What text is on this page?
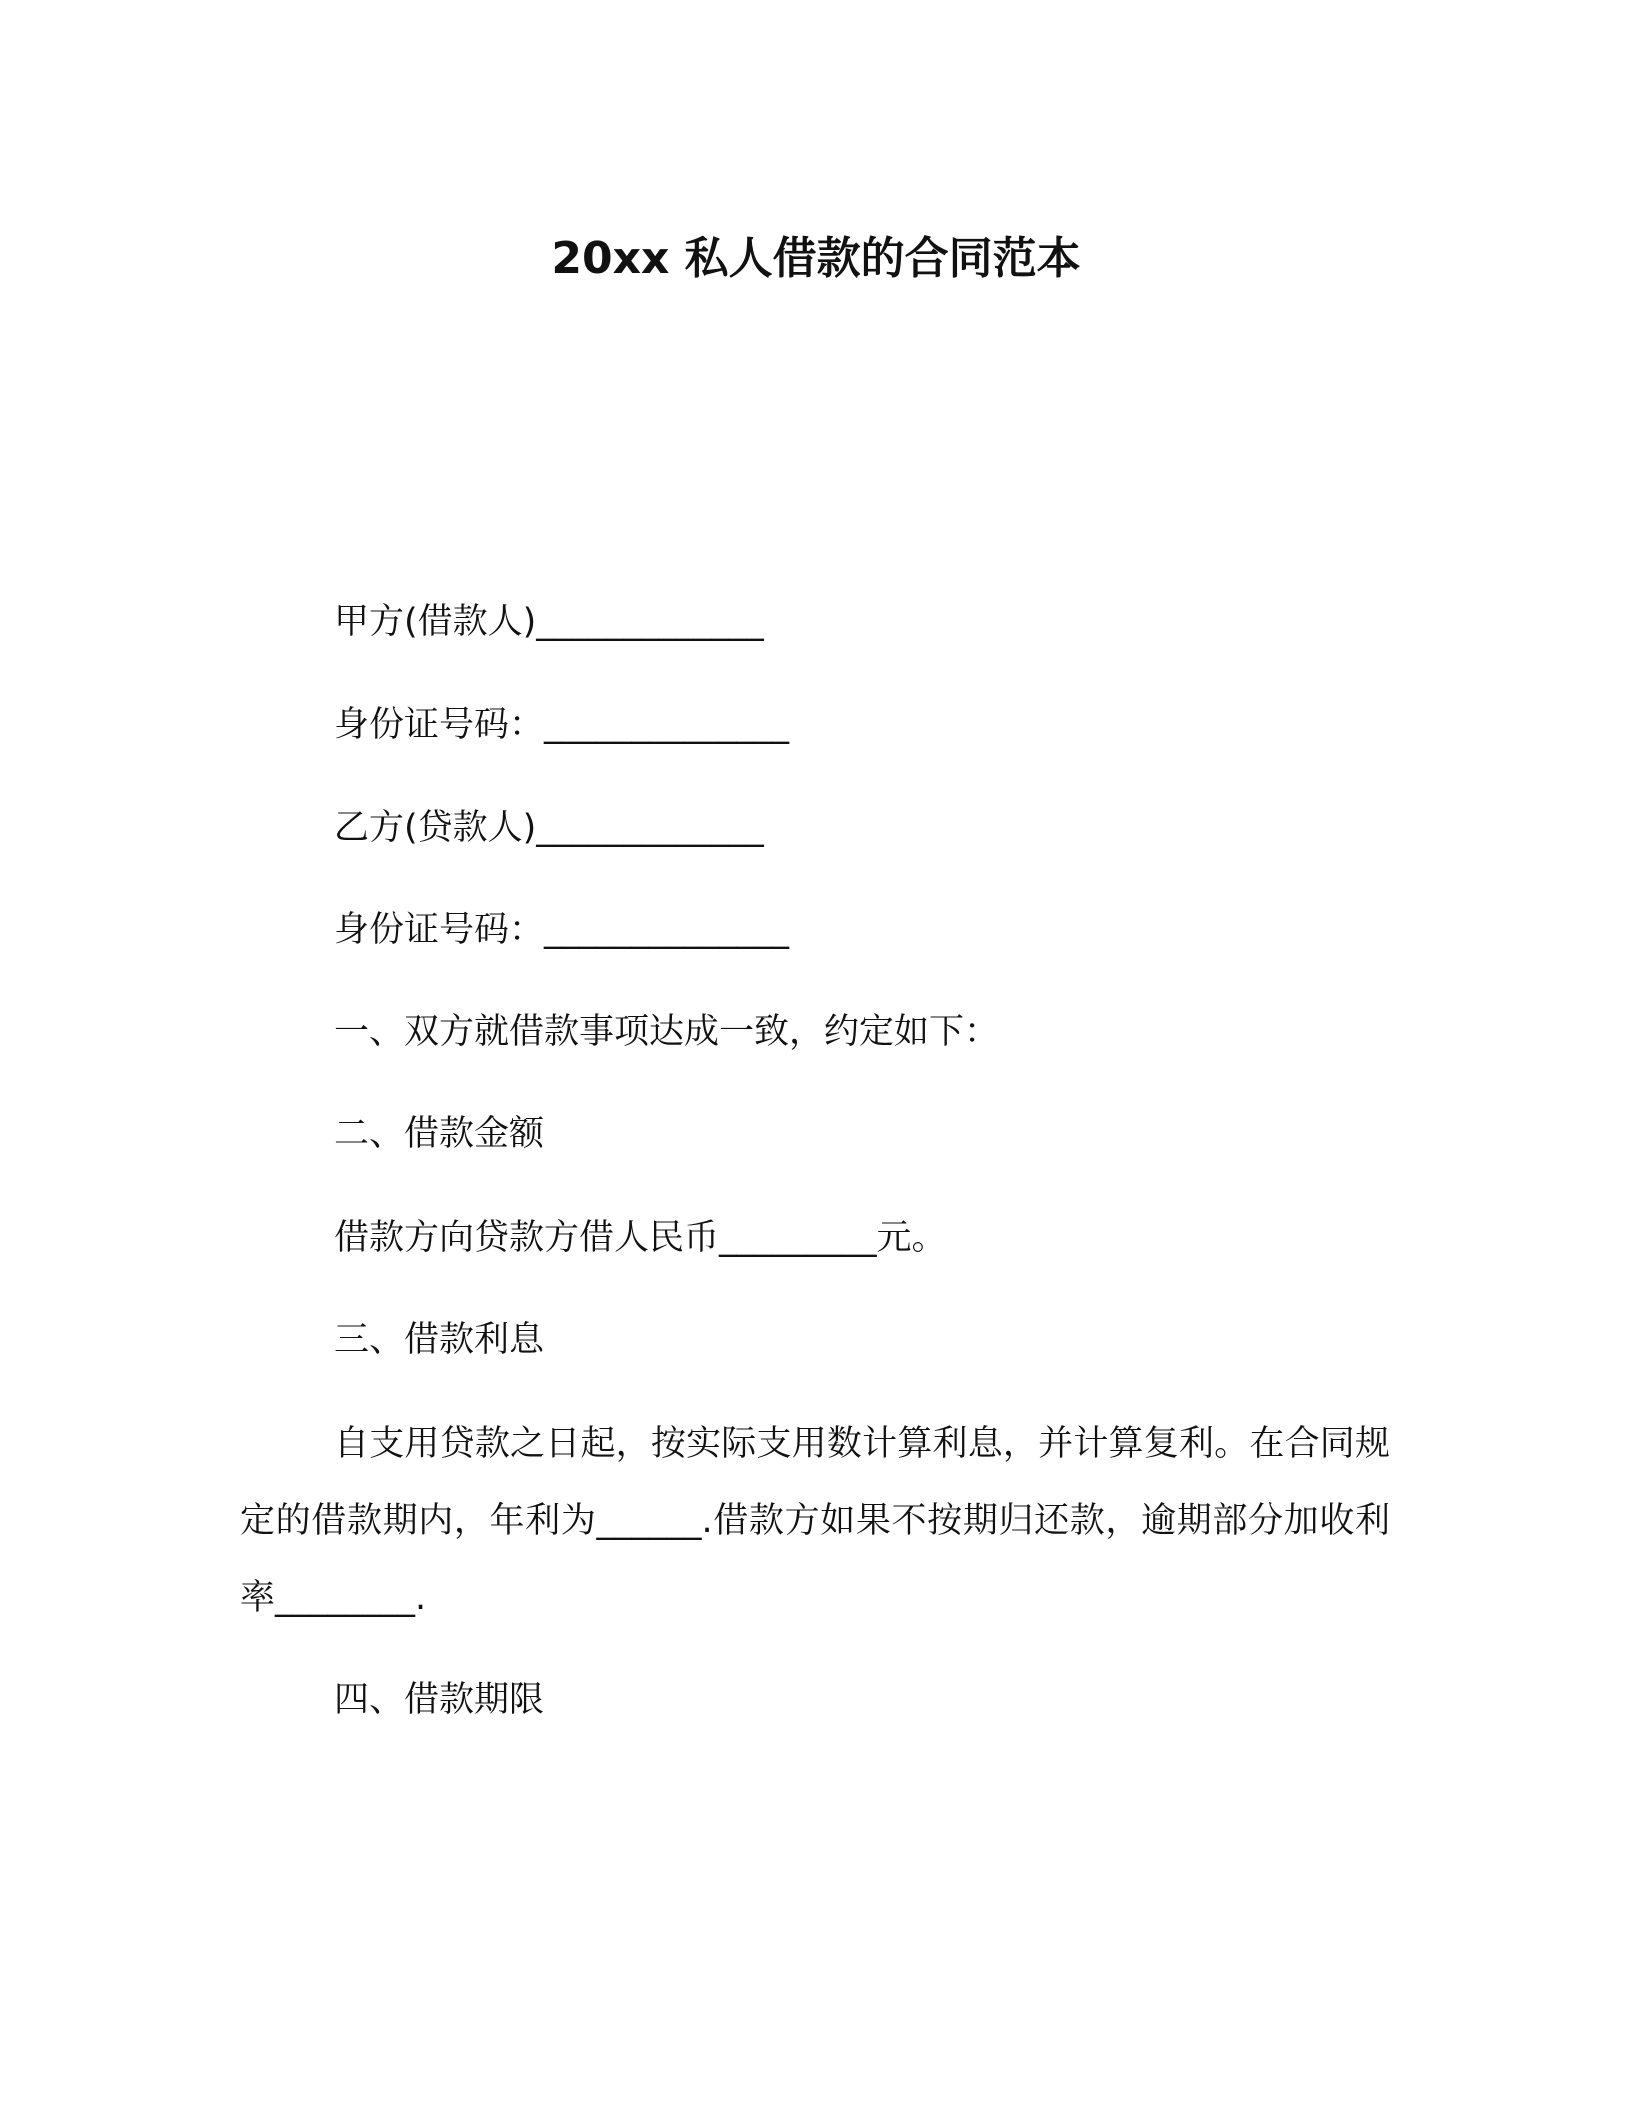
20xx 私人借款的合同范本
甲方(借款人)_____________
身份证号码：______________
乙方(贷款人)_____________
身份证号码：______________
一、双方就借款事项达成一致，约定如下：
二、借款金额
借款方向贷款方借人民币_________元。
三、借款利息
自支用贷款之日起，按实际支用数计算利息，并计算复利。在合同规定的借款期内，年利为______.借款方如果不按期归还款，逾期部分加收利率________.
四、借款期限
